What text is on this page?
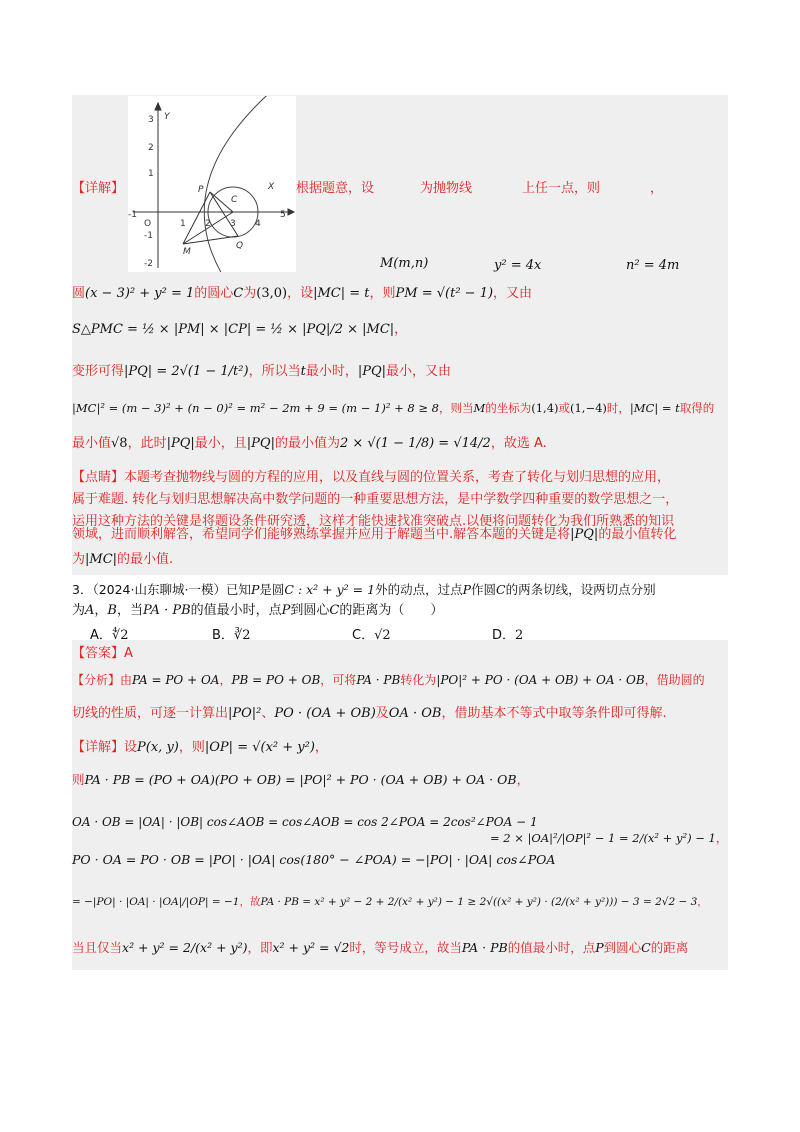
Y
X
O
-1
1 2 3 4
5
3
2
1
-1
-2
P
C
Q
M
【详解】	根据题意，设	为抛物线	上任一点，则	，
M(m,n)	y² = 4x	n² = 4m
圆(x − 3)² + y² = 1的圆心C为(3,0)，设|MC| = t，则PM = √(t² − 1)，又由
S△PMC = ½ × |PM| × |CP| = ½ × |PQ|/2 × |MC|，
变形可得|PQ| = 2√(1 − 1/t²)，所以当t最小时，|PQ|最小，又由
|MC|² = (m − 3)² + (n − 0)² = m² − 2m + 9 = (m − 1)² + 8 ≥ 8，则当M的坐标为(1,4)或(1,−4)时，|MC| = t取得的
最小值√8，此时|PQ|最小，且|PQ|的最小值为2 × √(1 − 1/8) = √14/2，故选 A.
【点睛】本题考查抛物线与圆的方程的应用，以及直线与圆的位置关系，考查了转化与划归思想的应用，
属于难题. 转化与划归思想解决高中数学问题的一种重要思想方法，是中学数学四种重要的数学思想之一，
运用这种方法的关键是将题设条件研究透，这样才能快速找准突破点.以便将问题转化为我们所熟悉的知识
领域，进而顺利解答，希望同学们能够熟练掌握并应用于解题当中.解答本题的关键是将|PQ|的最小值转化
为|MC|的最小值.
3．（2024·山东聊城·一模）已知P是圆C : x² + y² = 1外的动点，过点P作圆C的两条切线，设两切点分别
为A，B，当PA · PB的值最小时，点P到圆心C的距离为（　　）
A．∜2	B．∛2	C．√2	D．2
【答案】A
【分析】由PA = PO + OA，PB = PO + OB，可将PA · PB转化为|PO|² + PO · (OA + OB) + OA · OB，借助圆的
切线的性质，可逐一计算出|PO|²、PO · (OA + OB)及OA · OB，借助基本不等式中取等条件即可得解.
【详解】设P(x, y)，则|OP| = √(x² + y²)，
则PA · PB = (PO + OA)(PO + OB) = |PO|² + PO · (OA + OB) + OA · OB，
OA · OB = |OA| · |OB| cos∠AOB = cos∠AOB = cos 2∠POA = 2cos²∠POA − 1
= 2 × |OA|²/|OP|² − 1 = 2/(x² + y²) − 1，
PO · OA = PO · OB = |PO| · |OA| cos(180° − ∠POA) = −|PO| · |OA| cos∠POA
= −|PO| · |OA| · |OA|/|OP| = −1，故PA · PB = x² + y² − 2 + 2/(x² + y²) − 1 ≥ 2√((x² + y²) · (2/(x² + y²))) − 3 = 2√2 − 3，
当且仅当x² + y² = 2/(x² + y²)，即x² + y² = √2时，等号成立，故当PA · PB的值最小时，点P到圆心C的距离
